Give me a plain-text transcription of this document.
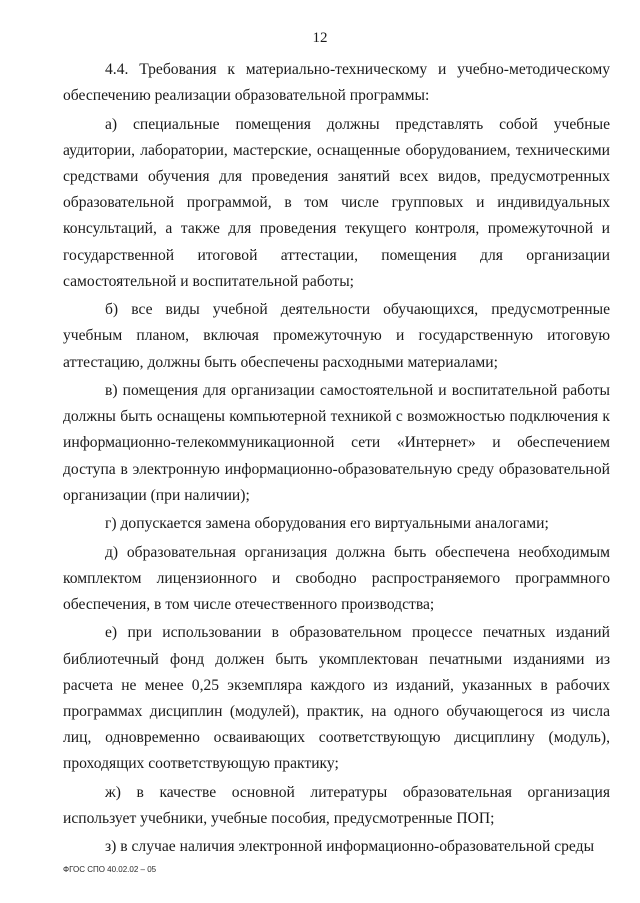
12

4.4. Требования к материально-техническому и учебно-методическому обеспечению реализации образовательной программы:

а) специальные помещения должны представлять собой учебные аудитории, лаборатории, мастерские, оснащенные оборудованием, техническими средствами обучения для проведения занятий всех видов, предусмотренных образовательной программой, в том числе групповых и индивидуальных консультаций, а также для проведения текущего контроля, промежуточной и государственной итоговой аттестации, помещения для организации самостоятельной и воспитательной работы;

б) все виды учебной деятельности обучающихся, предусмотренные учебным планом, включая промежуточную и государственную итоговую аттестацию, должны быть обеспечены расходными материалами;

в) помещения для организации самостоятельной и воспитательной работы должны быть оснащены компьютерной техникой с возможностью подключения к информационно-телекоммуникационной сети «Интернет» и обеспечением доступа в электронную информационно-образовательную среду образовательной организации (при наличии);

г) допускается замена оборудования его виртуальными аналогами;

д) образовательная организация должна быть обеспечена необходимым комплектом лицензионного и свободно распространяемого программного обеспечения, в том числе отечественного производства;

е) при использовании в образовательном процессе печатных изданий библиотечный фонд должен быть укомплектован печатными изданиями из расчета не менее 0,25 экземпляра каждого из изданий, указанных в рабочих программах дисциплин (модулей), практик, на одного обучающегося из числа лиц, одновременно осваивающих соответствующую дисциплину (модуль), проходящих соответствующую практику;

ж) в качестве основной литературы образовательная организация использует учебники, учебные пособия, предусмотренные ПОП;

з) в случае наличия электронной информационно-образовательной среды

ФГОС СПО 40.02.02 – 05
